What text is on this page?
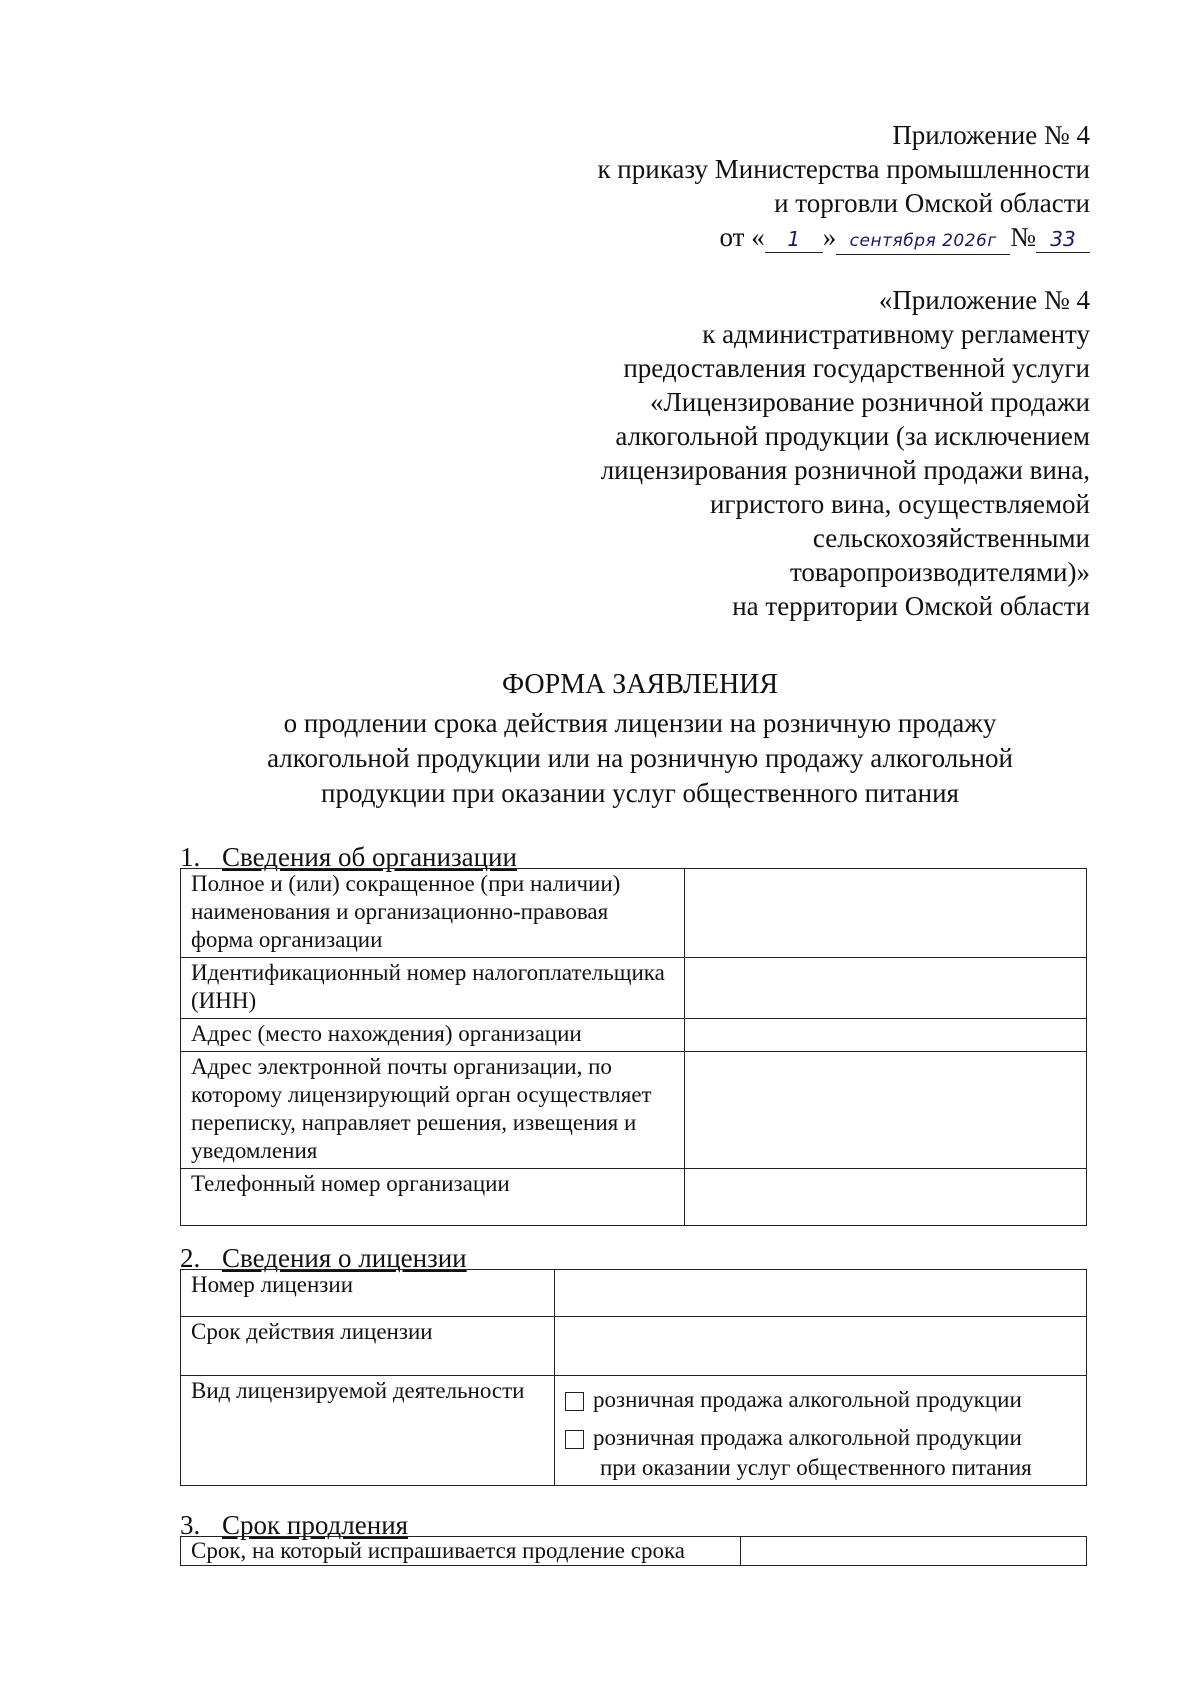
Приложение № 4
к приказу Министерства промышленности
и торговли Омской области
от «	1 » сентября 2026г № 33
«Приложение № 4
к административному регламенту
предоставления государственной услуги
«Лицензирование розничной продажи
алкогольной продукции (за исключением
лицензирования розничной продажи вина,
игристого вина, осуществляемой
сельскохозяйственными
товаропроизводителями)»
на территории Омской области
ФОРМА ЗАЯВЛЕНИЯ
о продлении срока действия лицензии на розничную продажу
алкогольной продукции или на розничную продажу алкогольной
продукции при оказании услуг общественного питания
1. Сведения об организации
Полное и (или) сокращенное (при наличии) наименования и организационно-правовая форма организации	
Идентификационный номер налогоплательщика (ИНН)	
Адрес (место нахождения) организации	
Адрес электронной почты организации, по которому лицензирующий орган осуществляет переписку, направляет решения, извещения и уведомления	
Телефонный номер организации	
2. Сведения о лицензии
Номер лицензии	
Срок действия лицензии	
Вид лицензируемой деятельности	розничная продажа алкогольной продукции
розничная продажа алкогольной продукции
при оказании услуг общественного питания
3. Срок продления
Срок, на который испрашивается продление срока	
